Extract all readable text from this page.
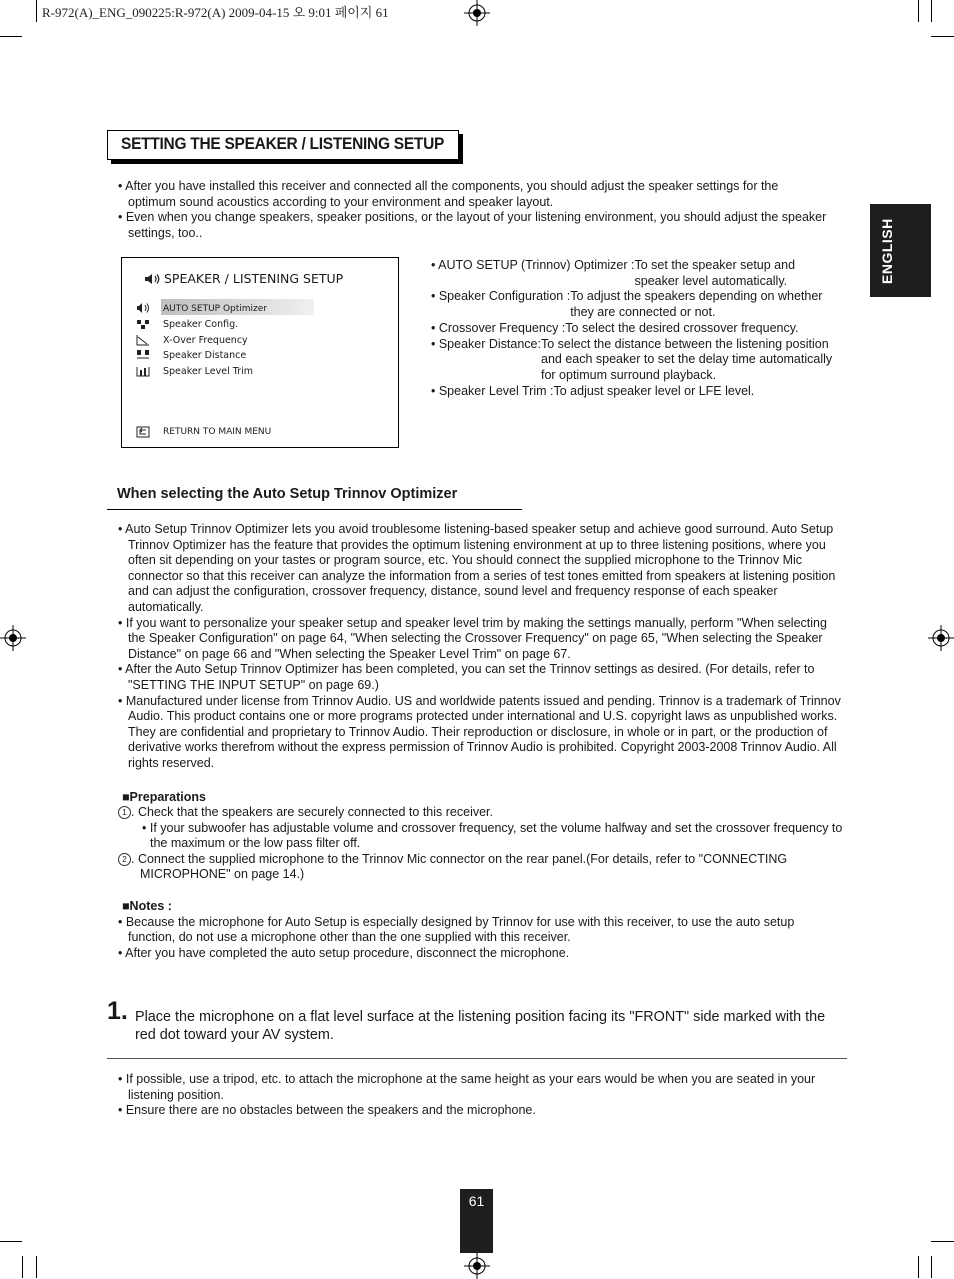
R-972(A)_ENG_090225:R-972(A) 2009-04-15 오 9:01 페이지 61
ENGLISH
SETTING THE SPEAKER / LISTENING SETUP

• After you have installed this receiver and connected all the components, you should adjust the speaker settings for the optimum sound acoustics according to your environment and speaker layout.

• Even when you change speakers, speaker positions, or the layout of your listening environment, you should adjust the speaker settings, too..

SPEAKER / LISTENING SETUP
AUTO SETUP Optimizer
Speaker Config.
X-Over Frequency
Speaker Distance
Speaker Level Trim
RETURN TO MAIN MENU
• AUTO SETUP (Trinnov) Optimizer : To set the speaker setup and speaker level automatically.
• Speaker Configuration : To adjust the speakers depending on whether they are connected or not.
• Crossover Frequency : To select the desired crossover frequency.
• Speaker Distance: To select the distance between the listening position and each speaker to set the delay time automatically for optimum surround playback.
• Speaker Level Trim : To adjust speaker level or LFE level.
When selecting the Auto Setup Trinnov Optimizer

• Auto Setup Trinnov Optimizer lets you avoid troublesome listening-based speaker setup and achieve good surround. Auto Setup Trinnov Optimizer has the feature that provides the optimum listening environment at up to three listening positions, where you often sit depending on your tastes or program source, etc. You should connect the supplied microphone to the Trinnov Mic connector so that this receiver can analyze the information from a series of test tones emitted from speakers at listening position and can adjust the configuration, crossover frequency, distance, sound level and frequency response of each speaker automatically.

• If you want to personalize your speaker setup and speaker level trim by making the settings manually, perform "When selecting the Speaker Configuration" on page 64, "When selecting the Crossover Frequency" on page 65, "When selecting the Speaker Distance" on page 66 and "When selecting the Speaker Level Trim" on page 67.

• After the Auto Setup Trinnov Optimizer has been completed, you can set the Trinnov settings as desired. (For details, refer to "SETTING THE INPUT SETUP" on page 69.)

• Manufactured under license from Trinnov Audio. US and worldwide patents issued and pending. Trinnov is a trademark of Trinnov Audio. This product contains one or more programs protected under international and U.S. copyright laws as unpublished works. They are confidential and proprietary to Trinnov Audio. Their reproduction or disclosure, in whole or in part, or the production of derivative works therefrom without the express permission of Trinnov Audio is prohibited. Copyright 2003-2008 Trinnov Audio. All rights reserved.

■Preparations

1 . Check that the speakers are securely connected to this receiver.

• If your subwoofer has adjustable volume and crossover frequency, set the volume halfway and set the crossover frequency to the maximum or the low pass filter off.

2 . Connect the supplied microphone to the Trinnov Mic connector on the rear panel.(For details, refer to "CONNECTING MICROPHONE" on page 14.)

■Notes :

• Because the microphone for Auto Setup is especially designed by Trinnov for use with this receiver, to use the auto setup function, do not use a microphone other than the one supplied with this receiver.

• After you have completed the auto setup procedure, disconnect the microphone.

1. Place the microphone on a flat level surface at the listening position facing its "FRONT" side marked with the red dot toward your AV system.

• If possible, use a tripod, etc. to attach the microphone at the same height as your ears would be when you are seated in your listening position.

• Ensure there are no obstacles between the speakers and the microphone.

61
